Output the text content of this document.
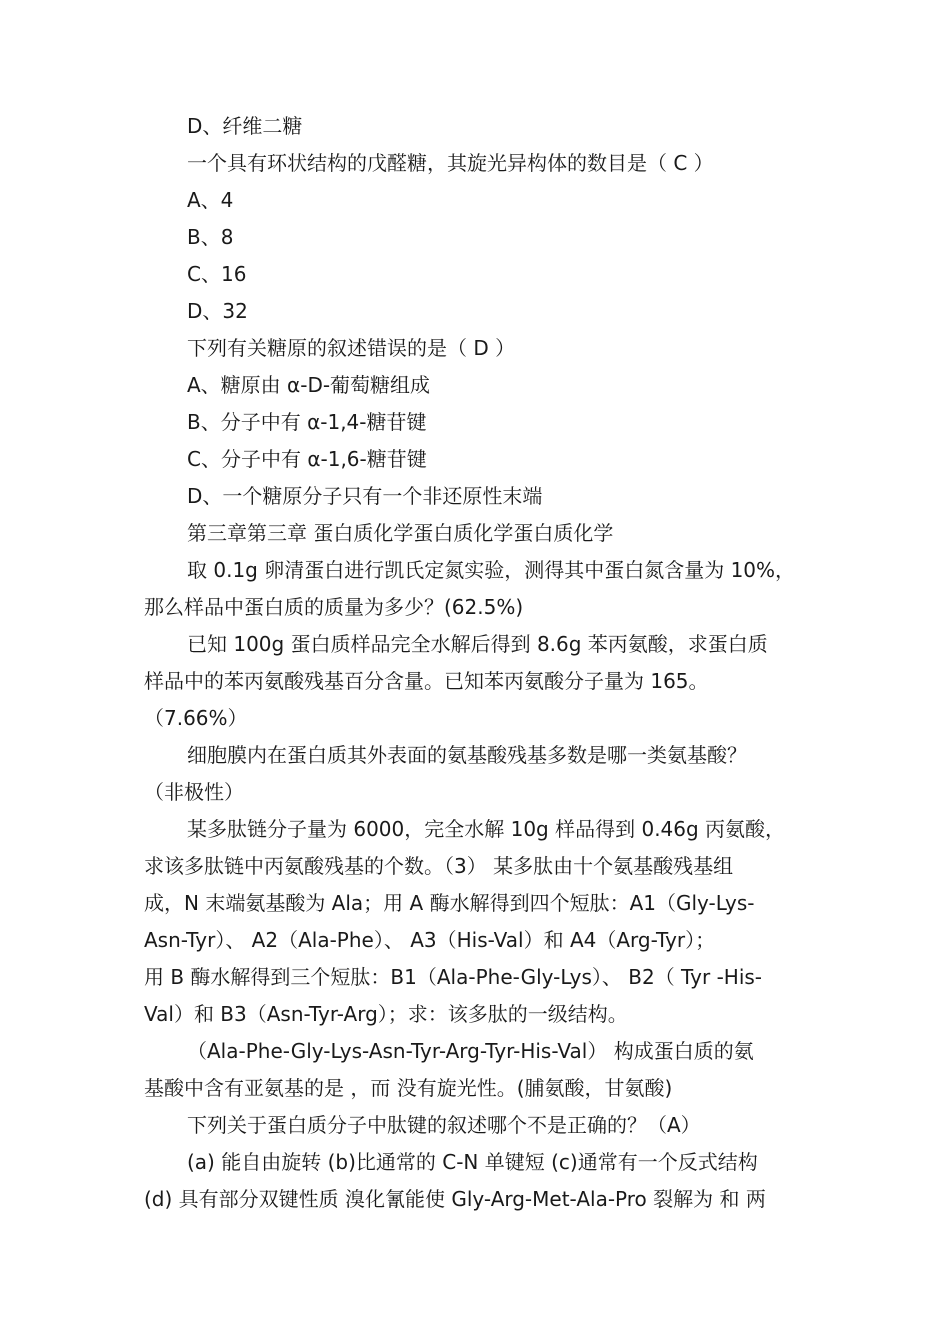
D、纤维二糖
一个具有环状结构的戊醛糖，其旋光异构体的数目是（ C ）
A、4
B、8
C、16
D、32
下列有关糖原的叙述错误的是（ D ）
A、糖原由 α-D-葡萄糖组成
B、分子中有 α-1,4-糖苷键
C、分子中有 α-1,6-糖苷键
D、一个糖原分子只有一个非还原性末端
第三章第三章 蛋白质化学蛋白质化学蛋白质化学
取 0.1g 卵清蛋白进行凯氏定氮实验，测得其中蛋白氮含量为 10%，
那么样品中蛋白质的质量为多少？(62.5%)
已知 100g 蛋白质样品完全水解后得到 8.6g 苯丙氨酸，求蛋白质
样品中的苯丙氨酸残基百分含量。已知苯丙氨酸分子量为 165。
（7.66%）
细胞膜内在蛋白质其外表面的氨基酸残基多数是哪一类氨基酸？
（非极性）
某多肽链分子量为 6000，完全水解 10g 样品得到 0.46g 丙氨酸，
求该多肽链中丙氨酸残基的个数。（3） 某多肽由十个氨基酸残基组
成，N 末端氨基酸为 Ala；用 A 酶水解得到四个短肽：A1（Gly-Lys-
Asn-Tyr）、 A2（Ala-Phe）、 A3（His-Val）和 A4（Arg-Tyr）；
用 B 酶水解得到三个短肽：B1（Ala-Phe-Gly-Lys）、 B2（ Tyr -His-
Val）和 B3（Asn-Tyr-Arg）；求：该多肽的一级结构。
（Ala-Phe-Gly-Lys-Asn-Tyr-Arg-Tyr-His-Val） 构成蛋白质的氨
基酸中含有亚氨基的是 ，而 没有旋光性。(脯氨酸，甘氨酸)
下列关于蛋白质分子中肽键的叙述哪个不是正确的？（A）
(a) 能自由旋转 (b)比通常的 C-N 单键短 (c)通常有一个反式结构
(d) 具有部分双键性质 溴化氰能使 Gly-Arg-Met-Ala-Pro 裂解为 和 两
